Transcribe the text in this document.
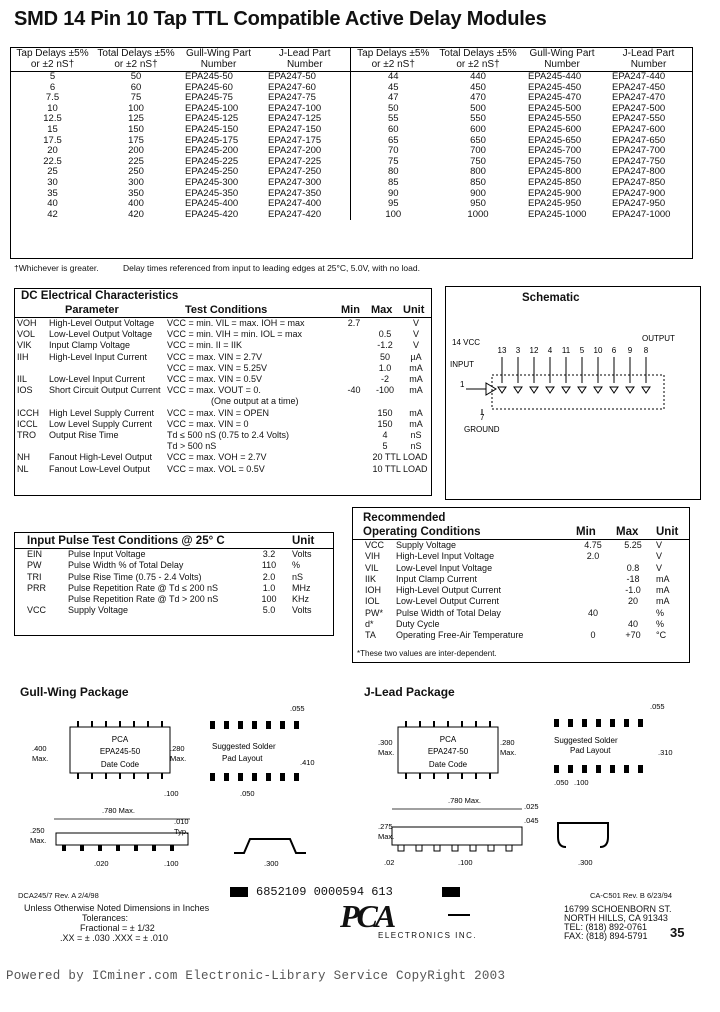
SMD 14 Pin 10 Tap TTL Compatible Active Delay Modules
Tap Delays ±5% or ±2 nS†	Total Delays ±5% or ±2 nS†	Gull-Wing Part Number	J-Lead Part Number	Tap Delays ±5% or ±2 nS†	Total Delays ±5% or ±2 nS†	Gull-Wing Part Number	J-Lead Part Number
5	50	EPA245-50	EPA247-50	44	440	EPA245-440	EPA247-440
6	60	EPA245-60	EPA247-60	45	450	EPA245-450	EPA247-450
7.5	75	EPA245-75	EPA247-75	47	470	EPA245-470	EPA247-470
10	100	EPA245-100	EPA247-100	50	500	EPA245-500	EPA247-500
12.5	125	EPA245-125	EPA247-125	55	550	EPA245-550	EPA247-550
15	150	EPA245-150	EPA247-150	60	600	EPA245-600	EPA247-600
17.5	175	EPA245-175	EPA247-175	65	650	EPA245-650	EPA247-650
20	200	EPA245-200	EPA247-200	70	700	EPA245-700	EPA247-700
22.5	225	EPA245-225	EPA247-225	75	750	EPA245-750	EPA247-750
25	250	EPA245-250	EPA247-250	80	800	EPA245-800	EPA247-800
30	300	EPA245-300	EPA247-300	85	850	EPA245-850	EPA247-850
35	350	EPA245-350	EPA247-350	90	900	EPA245-900	EPA247-900
40	400	EPA245-400	EPA247-400	95	950	EPA245-950	EPA247-950
42	420	EPA245-420	EPA247-420	100	1000	EPA245-1000	EPA247-1000
†Whichever is greater.	Delay times referenced from input to leading edges at 25°C, 5.0V, with no load.
DC Electrical Characteristics
Parameter	Test Conditions	Min	Max	Unit
VOH High-Level Output Voltage	VCC = min. VIL = max. IOH = max	2.7		V
VOL Low-Level Output Voltage	VCC = min. VIH = min. IOL = max		0.5	V
VIK Input Clamp Voltage	VCC = min. II = IIK		-1.2	V
IIH High-Level Input Current	VCC = max. VIN = 2.7V		50	µA
	VCC = max. VIN = 5.25V		1.0	mA
IIL Low-Level Input Current	VCC = max. VIN = 0.5V		-2	mA
IOS Short Circuit Output Current	VCC = max. VOUT = 0.	-40	-100	mA
	(One output at a time)			
ICCH High Level Supply Current	VCC = max. VIN = OPEN		150	mA
ICCL Low Level Supply Current	VCC = max. VIN = 0		150	mA
TRO Output Rise Time	Td ≤ 500 nS (0.75 to 2.4 Volts)		4	nS
	Td > 500 nS		5	nS
NH Fanout High-Level Output	VCC = max. VOH = 2.7V		20 TTL LOAD	
NL Fanout Low-Level Output	VCC = max. VOL = 0.5V		10 TTL LOAD	
Schematic
14 VCC
INPUT
OUTPUT
GROUND
1
7
13 3 12 4 11 5 10 6 9 8
Recommended
Operating Conditions		Min	Max	Unit
VCC	Supply Voltage	4.75	5.25	V
VIH	High-Level Input Voltage	2.0		V
VIL	Low-Level Input Voltage		0.8	V
IIK	Input Clamp Current		-18	mA
IOH	High-Level Output Current		-1.0	mA
IOL	Low-Level Output Current		20	mA
PW*	Pulse Width of Total Delay	40		%
d*	Duty Cycle		40	%
TA	Operating Free-Air Temperature	0	+70	°C
*These two values are inter-dependent.
Input Pulse Test Conditions @ 25° C			Unit
EIN	Pulse Input Voltage	3.2	Volts
PW	Pulse Width % of Total Delay	110	%
TRI	Pulse Rise Time (0.75 - 2.4 Volts)	2.0	nS
PRR	Pulse Repetition Rate @ Td ≤ 200 nS	1.0	MHz
	Pulse Repetition Rate @ Td > 200 nS	100	KHz
VCC	Supply Voltage	5.0	Volts
Gull-Wing Package
PCA
EPA245-50
Date Code
Suggested Solder
Pad Layout
.055
.400
Max.
.280
Max.	.410
.100
.780 Max.
.010
Typ.
.250
Max.
.020	.100
.050
.300
J-Lead Package
PCA
EPA247-50
Date Code
Suggested Solder
Pad Layout
.055
.300
Max.
.280
Max.	.310
.100
.780 Max.
.025
.045
.275
Max.
.02	.100
.050
.300
DCA245/7 Rev. A 2/4/98	6852109 0000594 613	CA-C501 Rev. B 6/23/94
Unless Otherwise Noted Dimensions in Inches
Tolerances:
Fractional = ± 1/32
.XX = ± .030 .XXX = ± .010
PCA
ELECTRONICS INC.
16799 SCHOENBORN ST.
NORTH HILLS, CA 91343
TEL: (818) 892-0761
FAX: (818) 894-5791 35
Powered by ICminer.com Electronic-Library Service CopyRight 2003
